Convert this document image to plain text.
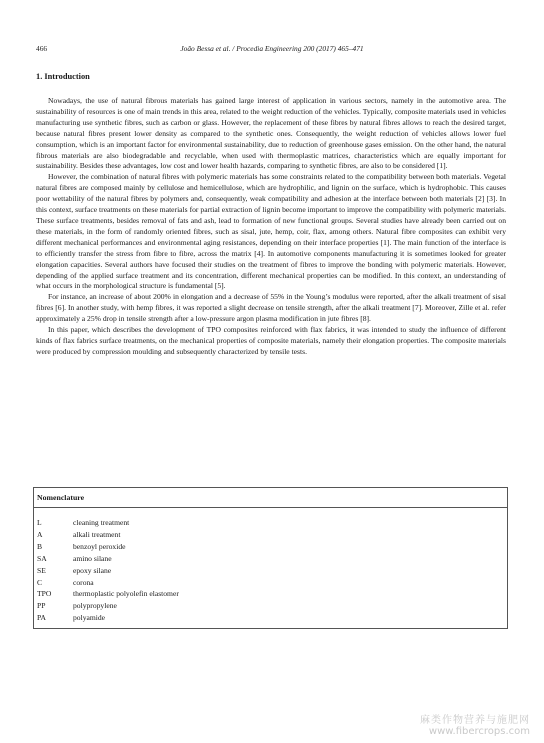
466	João Bessa et al. / Procedia Engineering 200 (2017) 465–471
1. Introduction

Nowadays, the use of natural fibrous materials has gained large interest of application in various sectors, namely in the automotive area. The sustainability of resources is one of main trends in this area, related to the weight reduction of the vehicles. Typically, composite materials used in vehicles manufacturing use synthetic fibres, such as carbon or glass. However, the replacement of these fibres by natural fibres allows to reach the desired target, because natural fibres present lower density as compared to the synthetic ones. Consequently, the weight reduction of vehicles allows lower fuel consumption, which is an important factor for environmental sustainability, due to reduction of greenhouse gases emission. On the other hand, the natural fibrous materials are also biodegradable and recyclable, when used with thermoplastic matrices, characteristics which are equally important for sustainability. Besides these advantages, low cost and lower health hazards, comparing to synthetic fibres, are also to be considered [1].

However, the combination of natural fibres with polymeric materials has some constraints related to the compatibility between both materials. Vegetal natural fibres are composed mainly by cellulose and hemicellulose, which are hydrophilic, and lignin on the surface, which is hydrophobic. This causes poor wettability of the natural fibres by polymers and, consequently, weak compatibility and adhesion at the interface between both materials [2] [3]. In this context, surface treatments on these materials for partial extraction of lignin become important to improve the compatibility with polymeric materials. These surface treatments, besides removal of fats and ash, lead to formation of new functional groups. Several studies have already been carried out on these materials, in the form of randomly oriented fibres, such as sisal, jute, hemp, coir, flax, among others. Natural fibre composites can exhibit very different mechanical performances and environmental aging resistances, depending on their interface properties [1]. The main function of the interface is to efficiently transfer the stress from fibre to fibre, across the matrix [4]. In automotive components manufacturing it is sometimes looked for greater elongation capacities. Several authors have focused their studies on the treatment of fibres to improve the bonding with polymeric materials. However, depending of the applied surface treatment and its concentration, different mechanical properties can be modified. In this context, an understanding of what occurs in the morphological structure is fundamental [5].

For instance, an increase of about 200% in elongation and a decrease of 55% in the Young’s modulus were reported, after the alkali treatment of sisal fibres [6]. In another study, with hemp fibres, it was reported a slight decrease on tensile strength, after the alkali treatment [7]. Moreover, Zille et al. refer approximately a 25% drop in tensile strength after a low-pressure argon plasma modification in jute fibres [8].

In this paper, which describes the development of TPO composites reinforced with flax fabrics, it was intended to study the influence of different kinds of flax fabrics surface treatments, on the mechanical properties of composite materials, namely their elongation properties. The composite materials were produced by compression moulding and subsequently characterized by tensile tests.

Nomenclature
L	cleaning treatment
A	alkali treatment
B	benzoyl peroxide
SA	amino silane
SE	epoxy silane
C	corona
TPO	thermoplastic polyolefin elastomer
PP	polypropylene
PA	polyamide
麻类作物营养与施肥网
www.fibercrops.com
